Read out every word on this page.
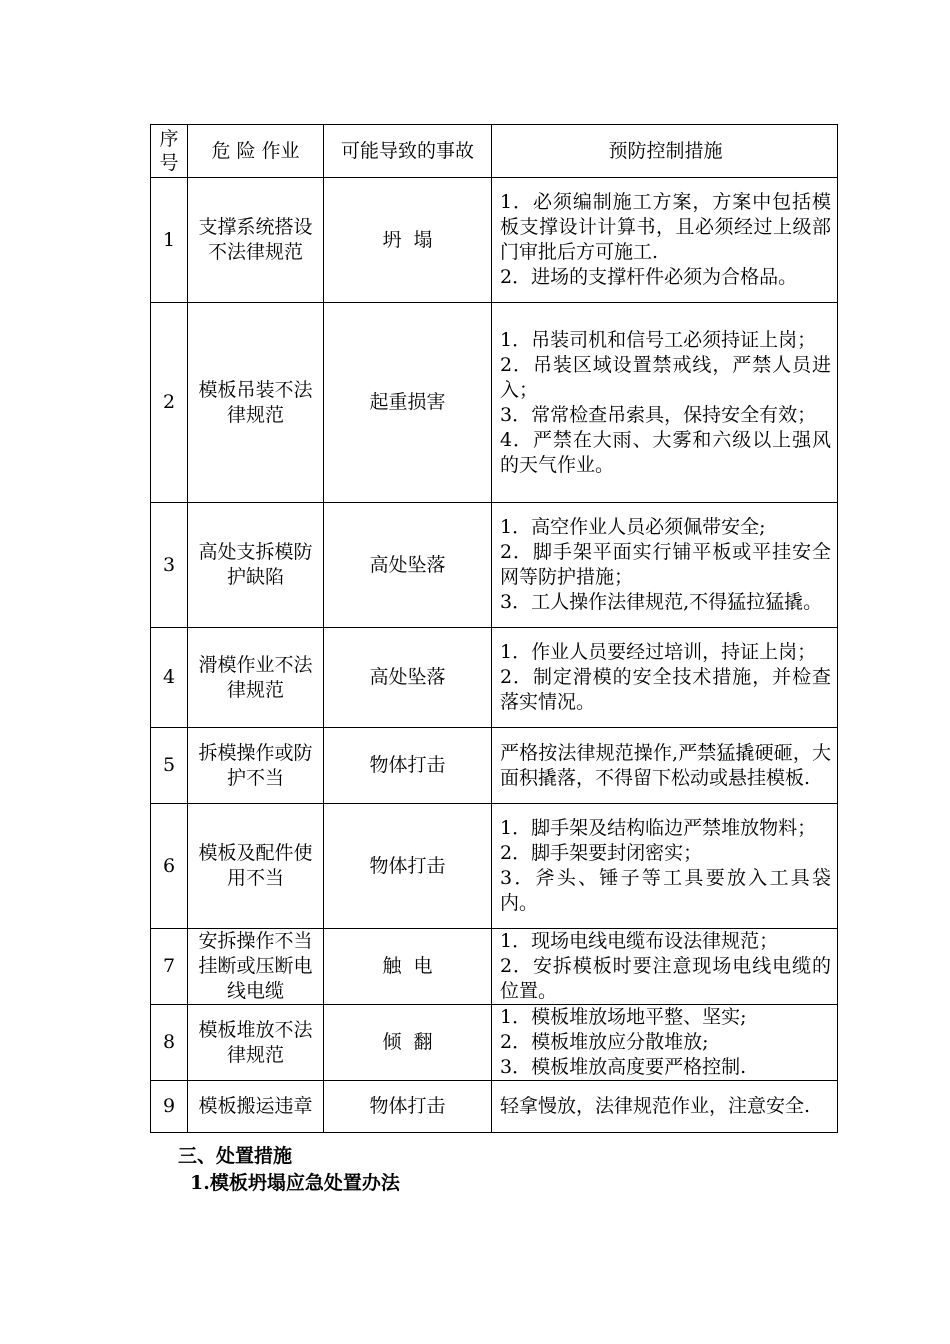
序号	危 险 作业	可能导致的事故	预防控制措施
1	支撑系统搭设不法律规范	坍  塌	1．必须编制施工方案，方案中包括模板支撑设计计算书，且必须经过上级部门审批后方可施工.
2．进场的支撑杆件必须为合格品。

2	模板吊装不法律规范	起重损害	1．吊装司机和信号工必须持证上岗；
2．吊装区域设置禁戒线，严禁人员进入；
3．常常检查吊索具，保持安全有效；
4．严禁在大雨、大雾和六级以上强风的天气作业。

3	高处支拆模防护缺陷	高处坠落	1．高空作业人员必须佩带安全;
2．脚手架平面实行铺平板或平挂安全网等防护措施；
3．工人操作法律规范,不得猛拉猛撬。

4	滑模作业不法律规范	高处坠落	1．作业人员要经过培训，持证上岗；
2．制定滑模的安全技术措施，并检查落实情况。

5	拆模操作或防护不当	物体打击	严格按法律规范操作,严禁猛撬硬砸，大面积撬落，不得留下松动或悬挂模板.

6	模板及配件使用不当	物体打击	1．脚手架及结构临边严禁堆放物料；
2．脚手架要封闭密实；
3．斧头、锤子等工具要放入工具袋内。

7	安拆操作不当挂断或压断电线电缆	触  电	1．现场电线电缆布设法律规范；
2．安拆模板时要注意现场电线电缆的位置。

8	模板堆放不法律规范	倾  翻	1．模板堆放场地平整、坚实;
2．模板堆放应分散堆放;
3．模板堆放高度要严格控制.

9	模板搬运违章	物体打击	轻拿慢放，法律规范作业，注意安全.
三、处置措施
1.模板坍塌应急处置办法
